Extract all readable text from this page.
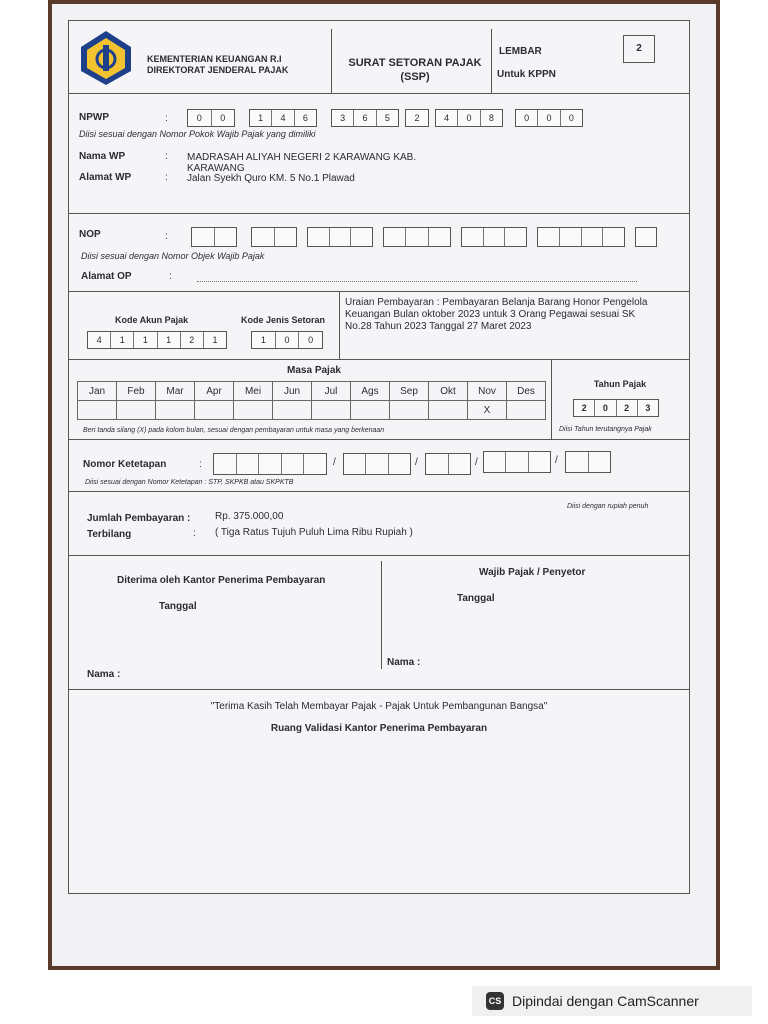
KEMENTERIAN KEUANGAN R.I
DIREKTORAT JENDERAL PAJAK
SURAT SETORAN PAJAK
(SSP)
LEMBAR	2
Untuk KPPN
NPWP	:	0	0	1	4	6	3	6	5	2	4	0	8	0	0	0
Diisi sesuai dengan Nomor Pokok Wajib Pajak yang dimiliki
Nama WP	: MADRASAH ALIYAH NEGERI 2 KARAWANG KAB.
KARAWANG
Alamat WP	: Jalan Syekh Quro KM. 5 No.1 Plawad
NOP	:
Diisi sesuai dengan Nomor Objek Wajib Pajak
Alamat OP	:
Kode Akun Pajak
4	1	1	1	2	1
Kode Jenis Setoran
1	0	0
Uraian Pembayaran : Pembayaran Belanja Barang Honor Pengelola
Keuangan Bulan oktober 2023 untuk 3 Orang Pegawai sesuai SK
No.28 Tahun 2023 Tanggal 27 Maret 2023
Masa Pajak
Jan	Feb	Mar	Apr	Mei	Jun	Jul	Ags	Sep	Okt	Nov	Des
										X	
Beri tanda silang (X) pada kolom bulan, sesuai dengan pembayaran untuk masa yang berkenaan
Tahun Pajak
2	0	2	3
Diisi Tahun terutangnya Pajak
Nomor Ketetapan	:	/	/	/	/
Diisi sesuai dengan Nomor Ketetapan : STP, SKPKB atau SKPKTB
Jumlah Pembayaran : Rp. 375.000,00
Diisi dengan rupiah penuh
Terbilang	: ( Tiga Ratus Tujuh Puluh Lima Ribu Rupiah )
Diterima oleh Kantor Penerima Pembayaran
Tanggal
Nama :
Wajib Pajak / Penyetor
Tanggal
Nama :
"Terima Kasih Telah Membayar Pajak - Pajak Untuk Pembangunan Bangsa"
Ruang Validasi Kantor Penerima Pembayaran
CS Dipindai dengan CamScanner
